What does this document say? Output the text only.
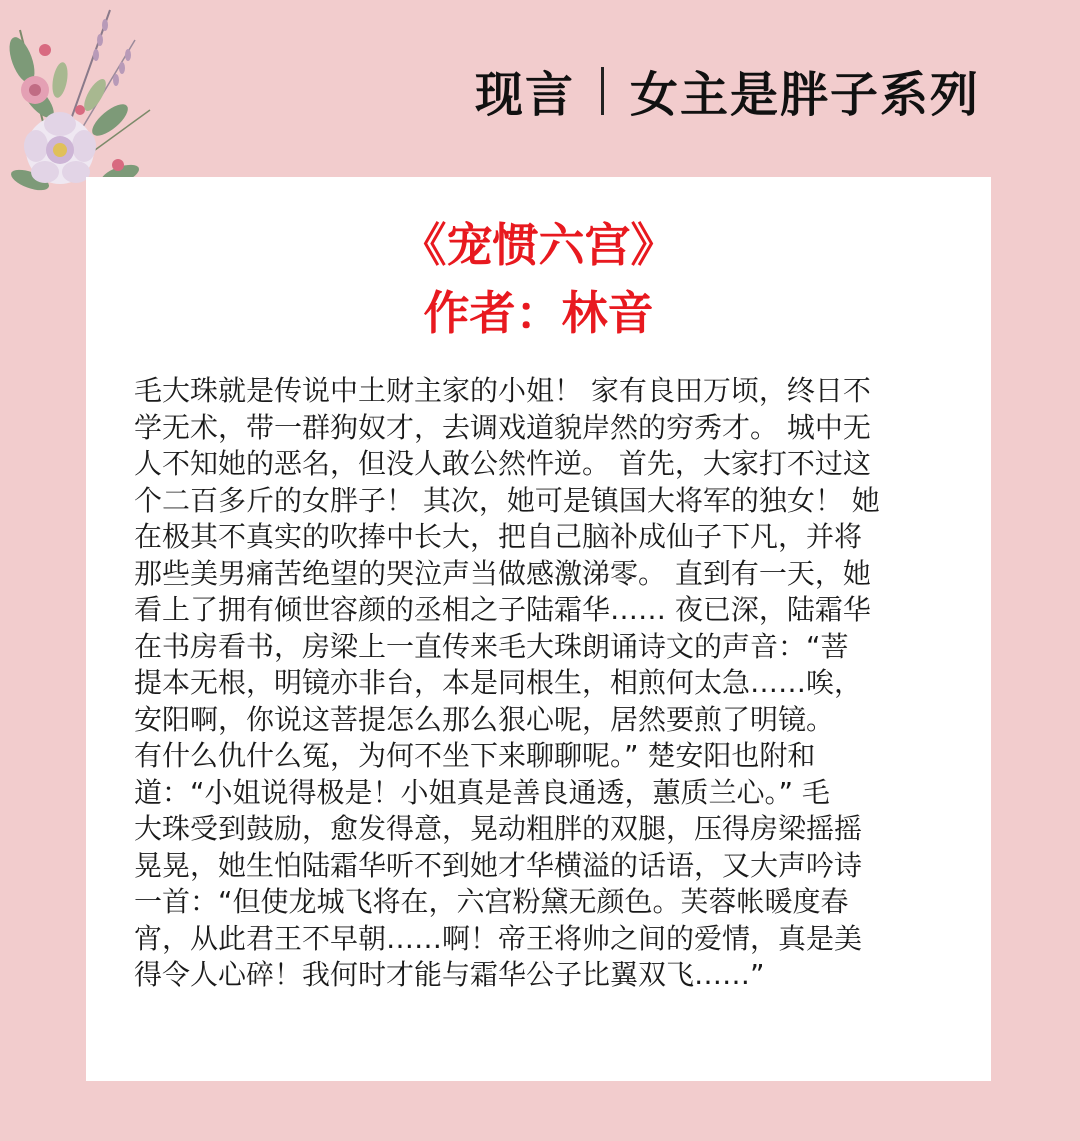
现言 女主是胖子系列
《宠惯六宫》
作者：林音
毛大珠就是传说中土财主家的小姐！ 家有良田万顷，终日不
学无术，带一群狗奴才，去调戏道貌岸然的穷秀才。 城中无
人不知她的恶名，但没人敢公然忤逆。 首先，大家打不过这
个二百多斤的女胖子！ 其次，她可是镇国大将军的独女！ 她
在极其不真实的吹捧中长大，把自己脑补成仙子下凡，并将
那些美男痛苦绝望的哭泣声当做感激涕零。 直到有一天，她
看上了拥有倾世容颜的丞相之子陆霜华…… 夜已深，陆霜华
在书房看书，房梁上一直传来毛大珠朗诵诗文的声音：“菩
提本无根，明镜亦非台，本是同根生，相煎何太急……唉，
安阳啊，你说这菩提怎么那么狠心呢，居然要煎了明镜。
有什么仇什么冤，为何不坐下来聊聊呢。” 楚安阳也附和
道：“小姐说得极是！小姐真是善良通透，蕙质兰心。” 毛
大珠受到鼓励，愈发得意，晃动粗胖的双腿，压得房梁摇摇
晃晃，她生怕陆霜华听不到她才华横溢的话语，又大声吟诗
一首：“但使龙城飞将在，六宫粉黛无颜色。芙蓉帐暖度春
宵，从此君王不早朝……啊！帝王将帅之间的爱情，真是美
得令人心碎！我何时才能与霜华公子比翼双飞……”
